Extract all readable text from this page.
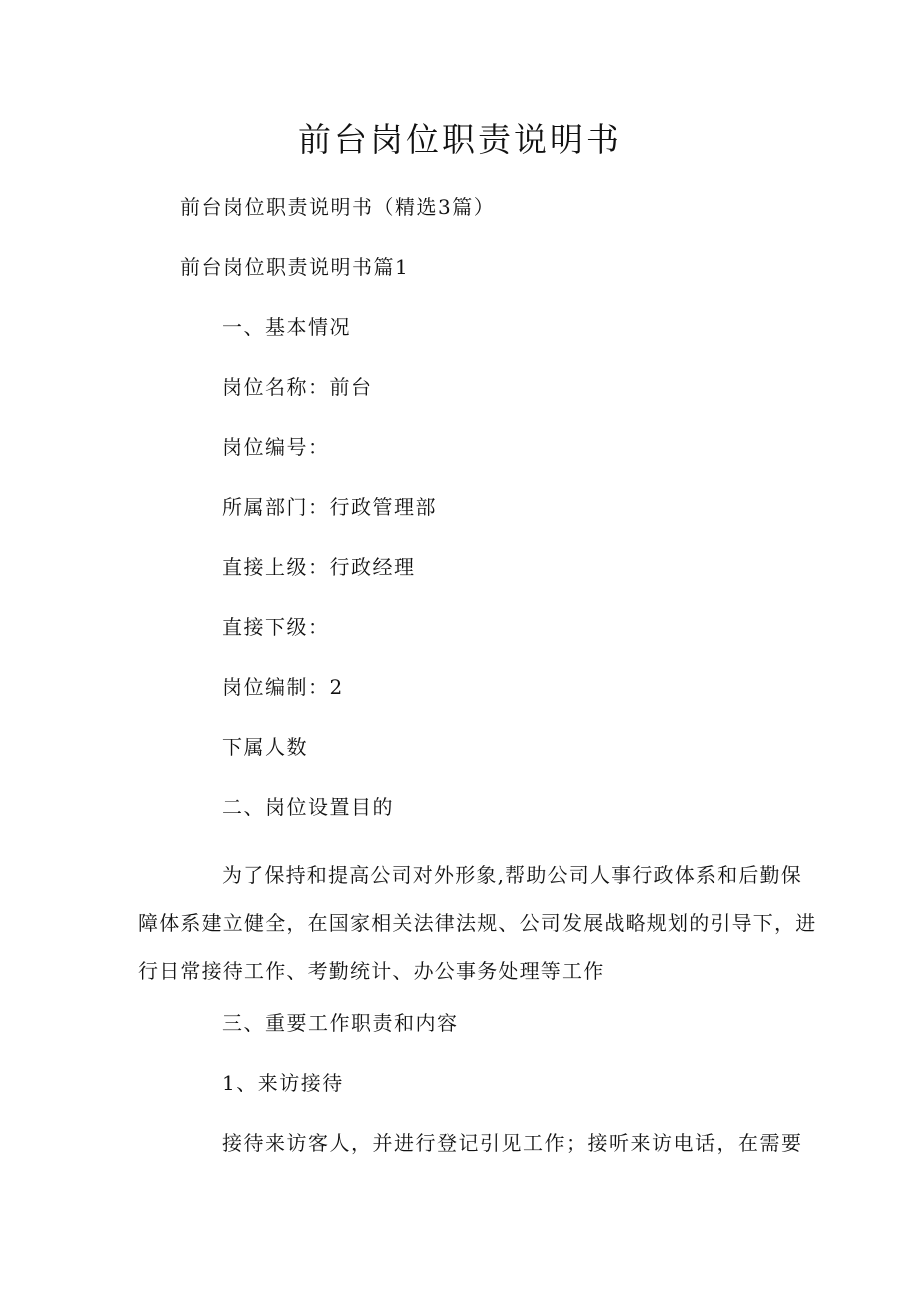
前台岗位职责说明书
前台岗位职责说明书（精选3篇）
前台岗位职责说明书篇1
一、基本情况
岗位名称：前台
岗位编号：
所属部门：行政管理部
直接上级：行政经理
直接下级：
岗位编制：2
下属人数
二、岗位设置目的
为了保持和提高公司对外形象,帮助公司人事行政体系和后勤保
障体系建立健全，在国家相关法律法规、公司发展战略规划的引导下，进
行日常接待工作、考勤统计、办公事务处理等工作
三、重要工作职责和内容
1、来访接待
接待来访客人，并进行登记引见工作；接听来访电话，在需要
